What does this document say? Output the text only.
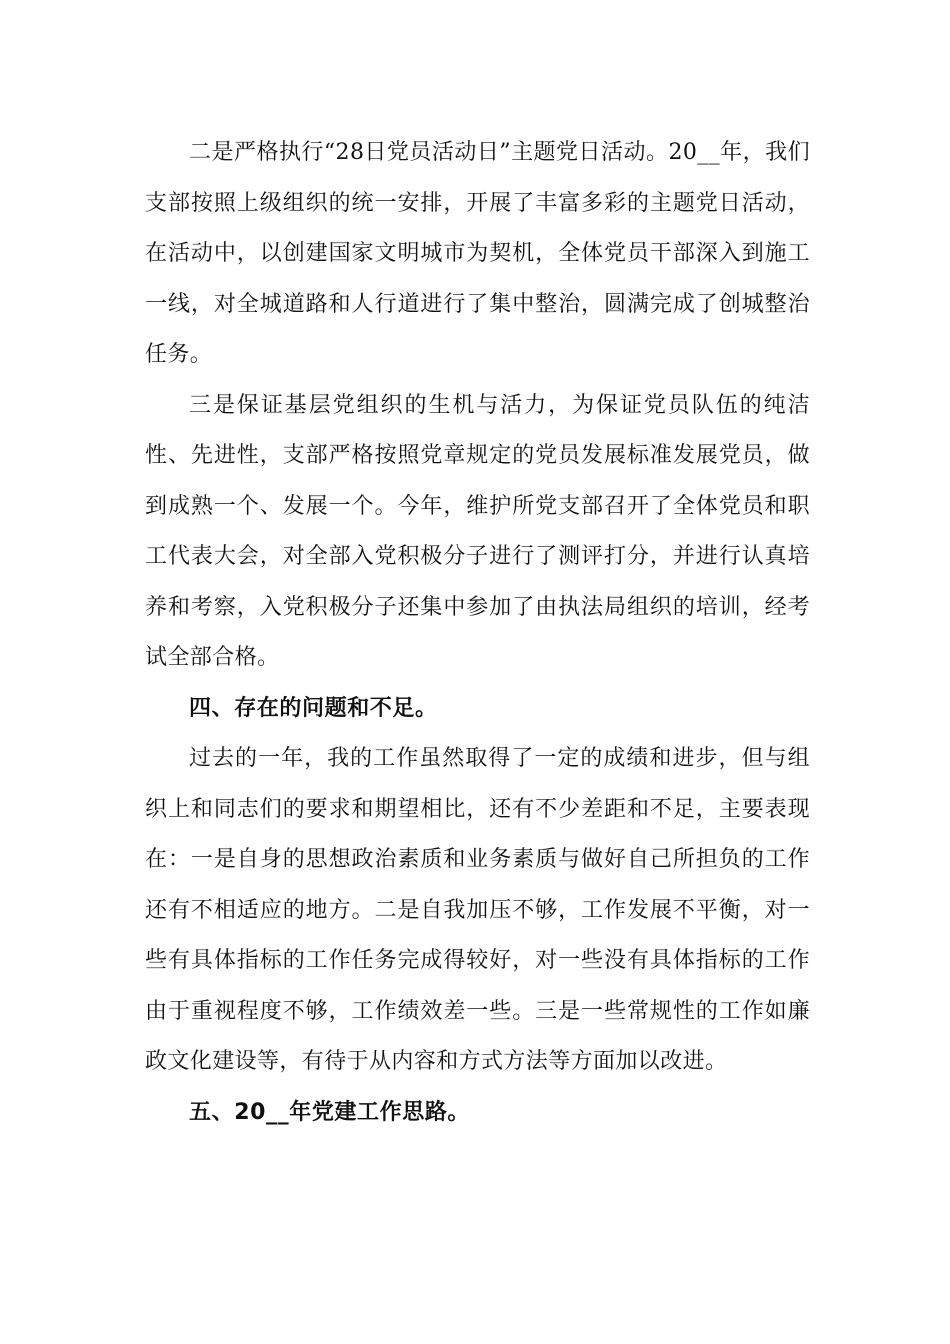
二是严格执行“28日党员活动日”主题党日活动。20__年，我们支部按照上级组织的统一安排，开展了丰富多彩的主题党日活动，在活动中，以创建国家文明城市为契机，全体党员干部深入到施工一线，对全城道路和人行道进行了集中整治，圆满完成了创城整治任务。

三是保证基层党组织的生机与活力，为保证党员队伍的纯洁性、先进性，支部严格按照党章规定的党员发展标准发展党员，做到成熟一个、发展一个。今年，维护所党支部召开了全体党员和职工代表大会，对全部入党积极分子进行了测评打分，并进行认真培养和考察，入党积极分子还集中参加了由执法局组织的培训，经考试全部合格。

四、存在的问题和不足。

过去的一年，我的工作虽然取得了一定的成绩和进步，但与组织上和同志们的要求和期望相比，还有不少差距和不足，主要表现在：一是自身的思想政治素质和业务素质与做好自己所担负的工作还有不相适应的地方。二是自我加压不够，工作发展不平衡，对一些有具体指标的工作任务完成得较好，对一些没有具体指标的工作由于重视程度不够，工作绩效差一些。三是一些常规性的工作如廉政文化建设等，有待于从内容和方式方法等方面加以改进。

五、20__年党建工作思路。
